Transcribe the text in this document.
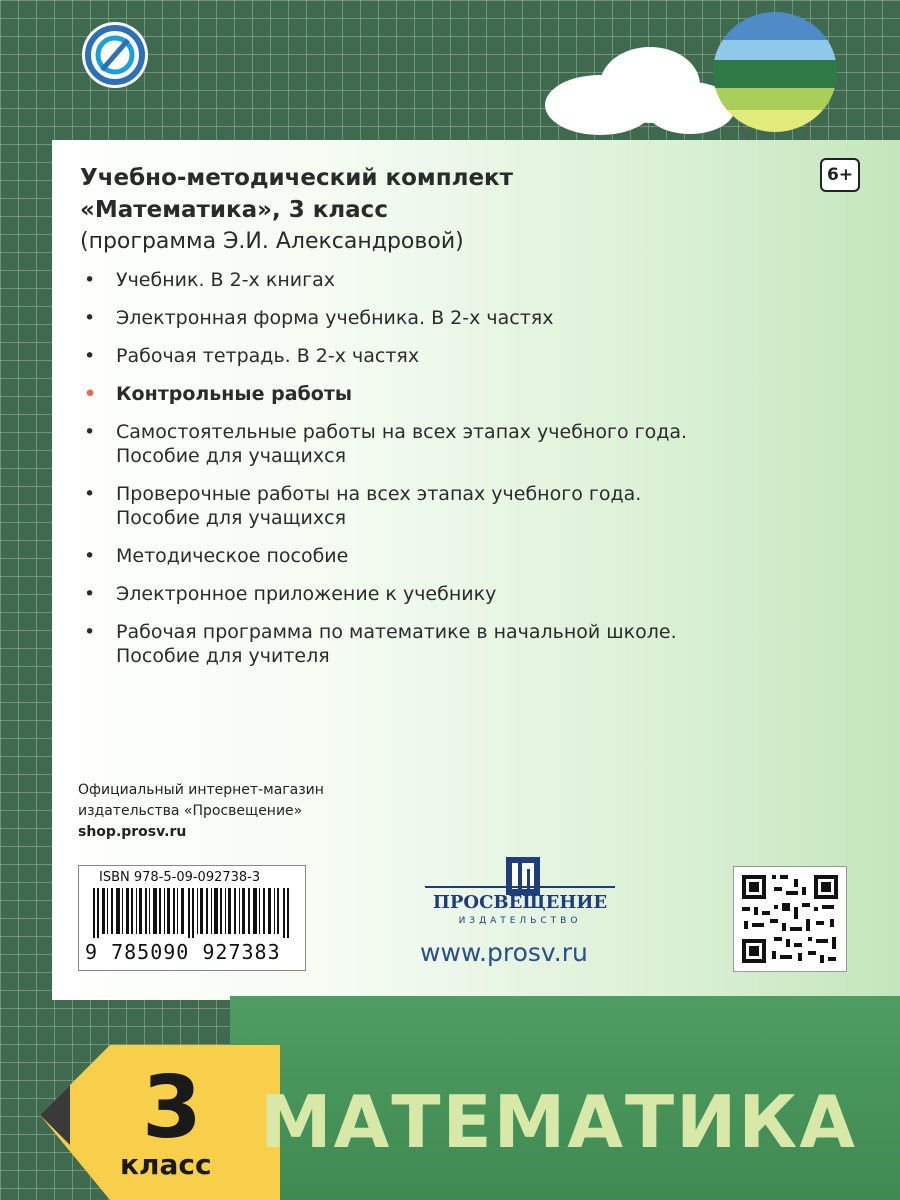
6+
Учебно-методический комплект
«Математика», 3 класс
(программа Э.И. Александровой)
• Учебник. В 2-х книгах
• Электронная форма учебника. В 2-х частях
• Рабочая тетрадь. В 2-х частях
• Контрольные работы
• Самостоятельные работы на всех этапах учебного года.
Пособие для учащихся
• Проверочные работы на всех этапах учебного года.
Пособие для учащихся
• Методическое пособие
• Электронное приложение к учебнику
• Рабочая программа по математике в начальной школе.
Пособие для учителя
Официальный интернет-магазин
издательства «Просвещение»
shop.prosv.ru
ISBN 978-5-09-092738-3
9 785090 927383
ПРОСВЕЩЕНИЕ
ИЗДАТЕЛЬСТВО
www.prosv.ru
3
класс
МАТЕМАТИКА
